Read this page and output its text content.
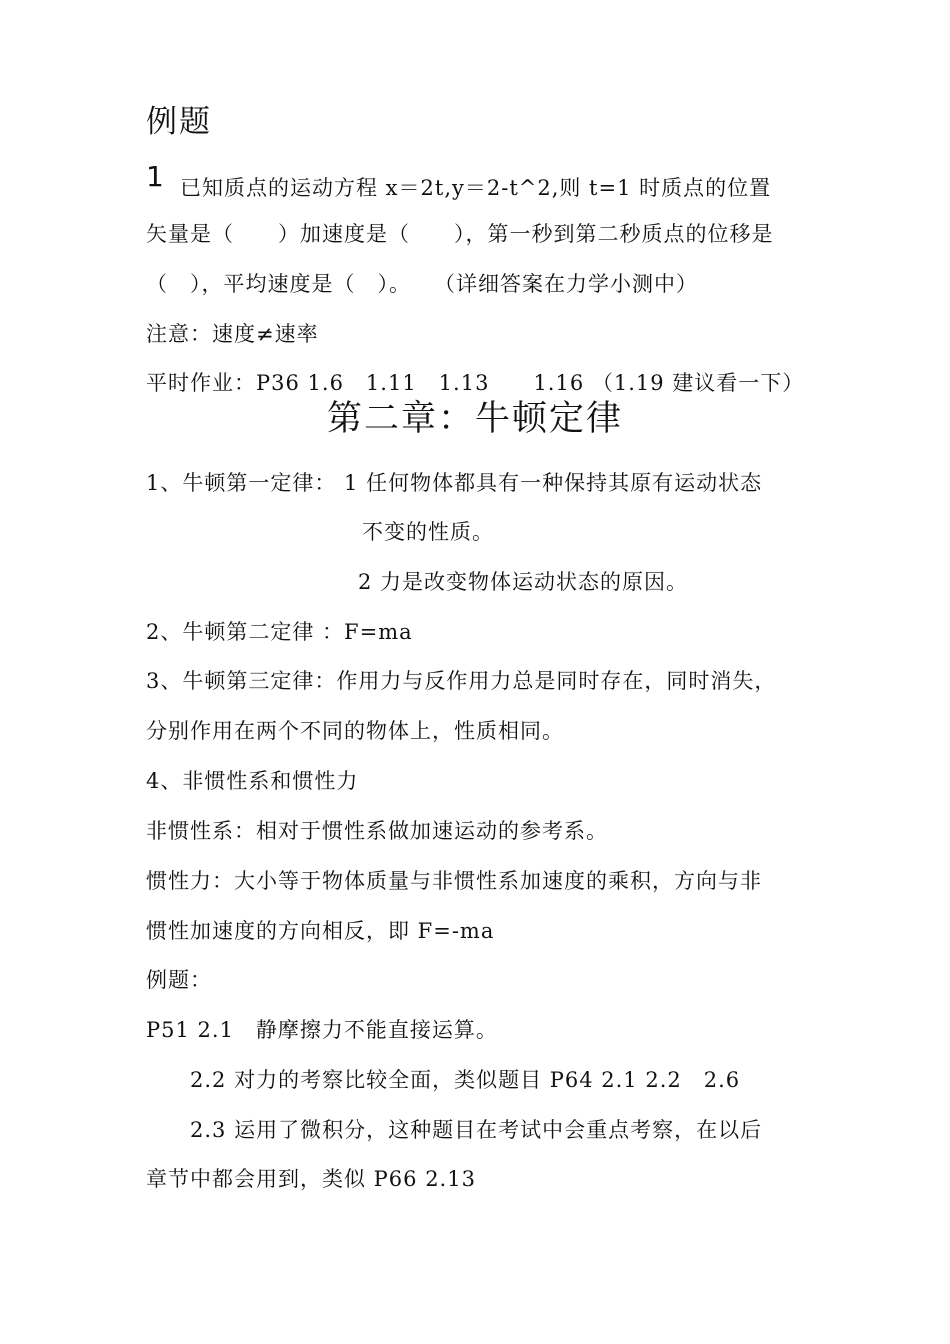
例题
1 已知质点的运动方程 x＝2t,y＝2-t^2,则 t=1 时质点的位置
矢量是（　　）加速度是（　　），第一秒到第二秒质点的位移是
（　），平均速度是（　）。　　（详细答案在力学小测中）
注意：速度≠速率
平时作业：P36 1.6　1.11　1.13　　1.16 （1.19 建议看一下）
第二章：牛顿定律
1、牛顿第一定律： 1 任何物体都具有一种保持其原有运动状态
不变的性质。
2 力是改变物体运动状态的原因。
2、牛顿第二定律 ：F=ma
3、牛顿第三定律：作用力与反作用力总是同时存在，同时消失，
分别作用在两个不同的物体上，性质相同。
4、非惯性系和惯性力
非惯性系：相对于惯性系做加速运动的参考系。
惯性力：大小等于物体质量与非惯性系加速度的乘积，方向与非
惯性加速度的方向相反，即 F=-ma
例题：
P51 2.1　静摩擦力不能直接运算。
2.2 对力的考察比较全面，类似题目 P64 2.1 2.2　2.6
2.3 运用了微积分，这种题目在考试中会重点考察，在以后
章节中都会用到，类似 P66 2.13
